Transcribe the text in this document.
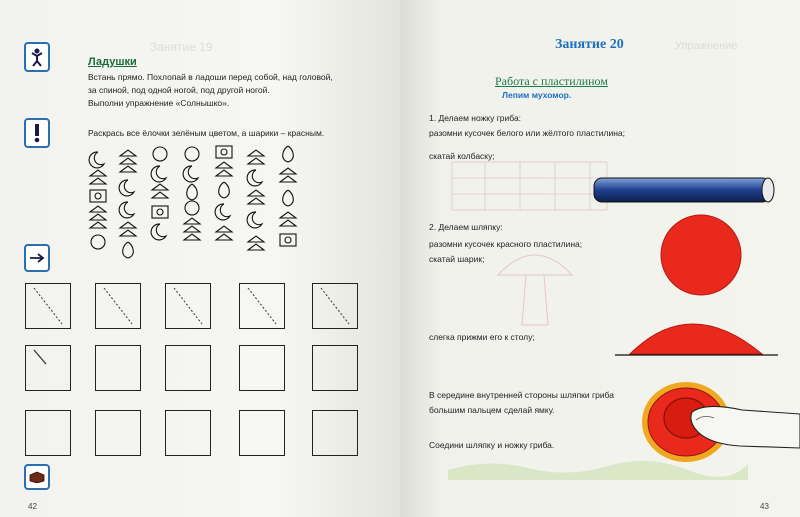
Занятие 19
Ладушки
Встань прямо. Похлопай в ладоши перед собой, над головой,
за спиной, под одной ногой, под другой ногой.
Выполни упражнение «Солнышко».
Раскрась все ёлочки зелёным цветом, а шарики – красным.
42
Занятие 20	Упражнение
Работа с пластилином
Лепим мухомор.
1. Делаем ножку гриба:
разомни кусочек белого или жёлтого пластилина;
скатай колбаску;
2. Делаем шляпку:
разомни кусочек красного пластилина;
скатай шарик;
слегка прижми его к столу;
В середине внутренней стороны шляпки гриба
большим пальцем сделай ямку.
Соедини шляпку и ножку гриба.
43
